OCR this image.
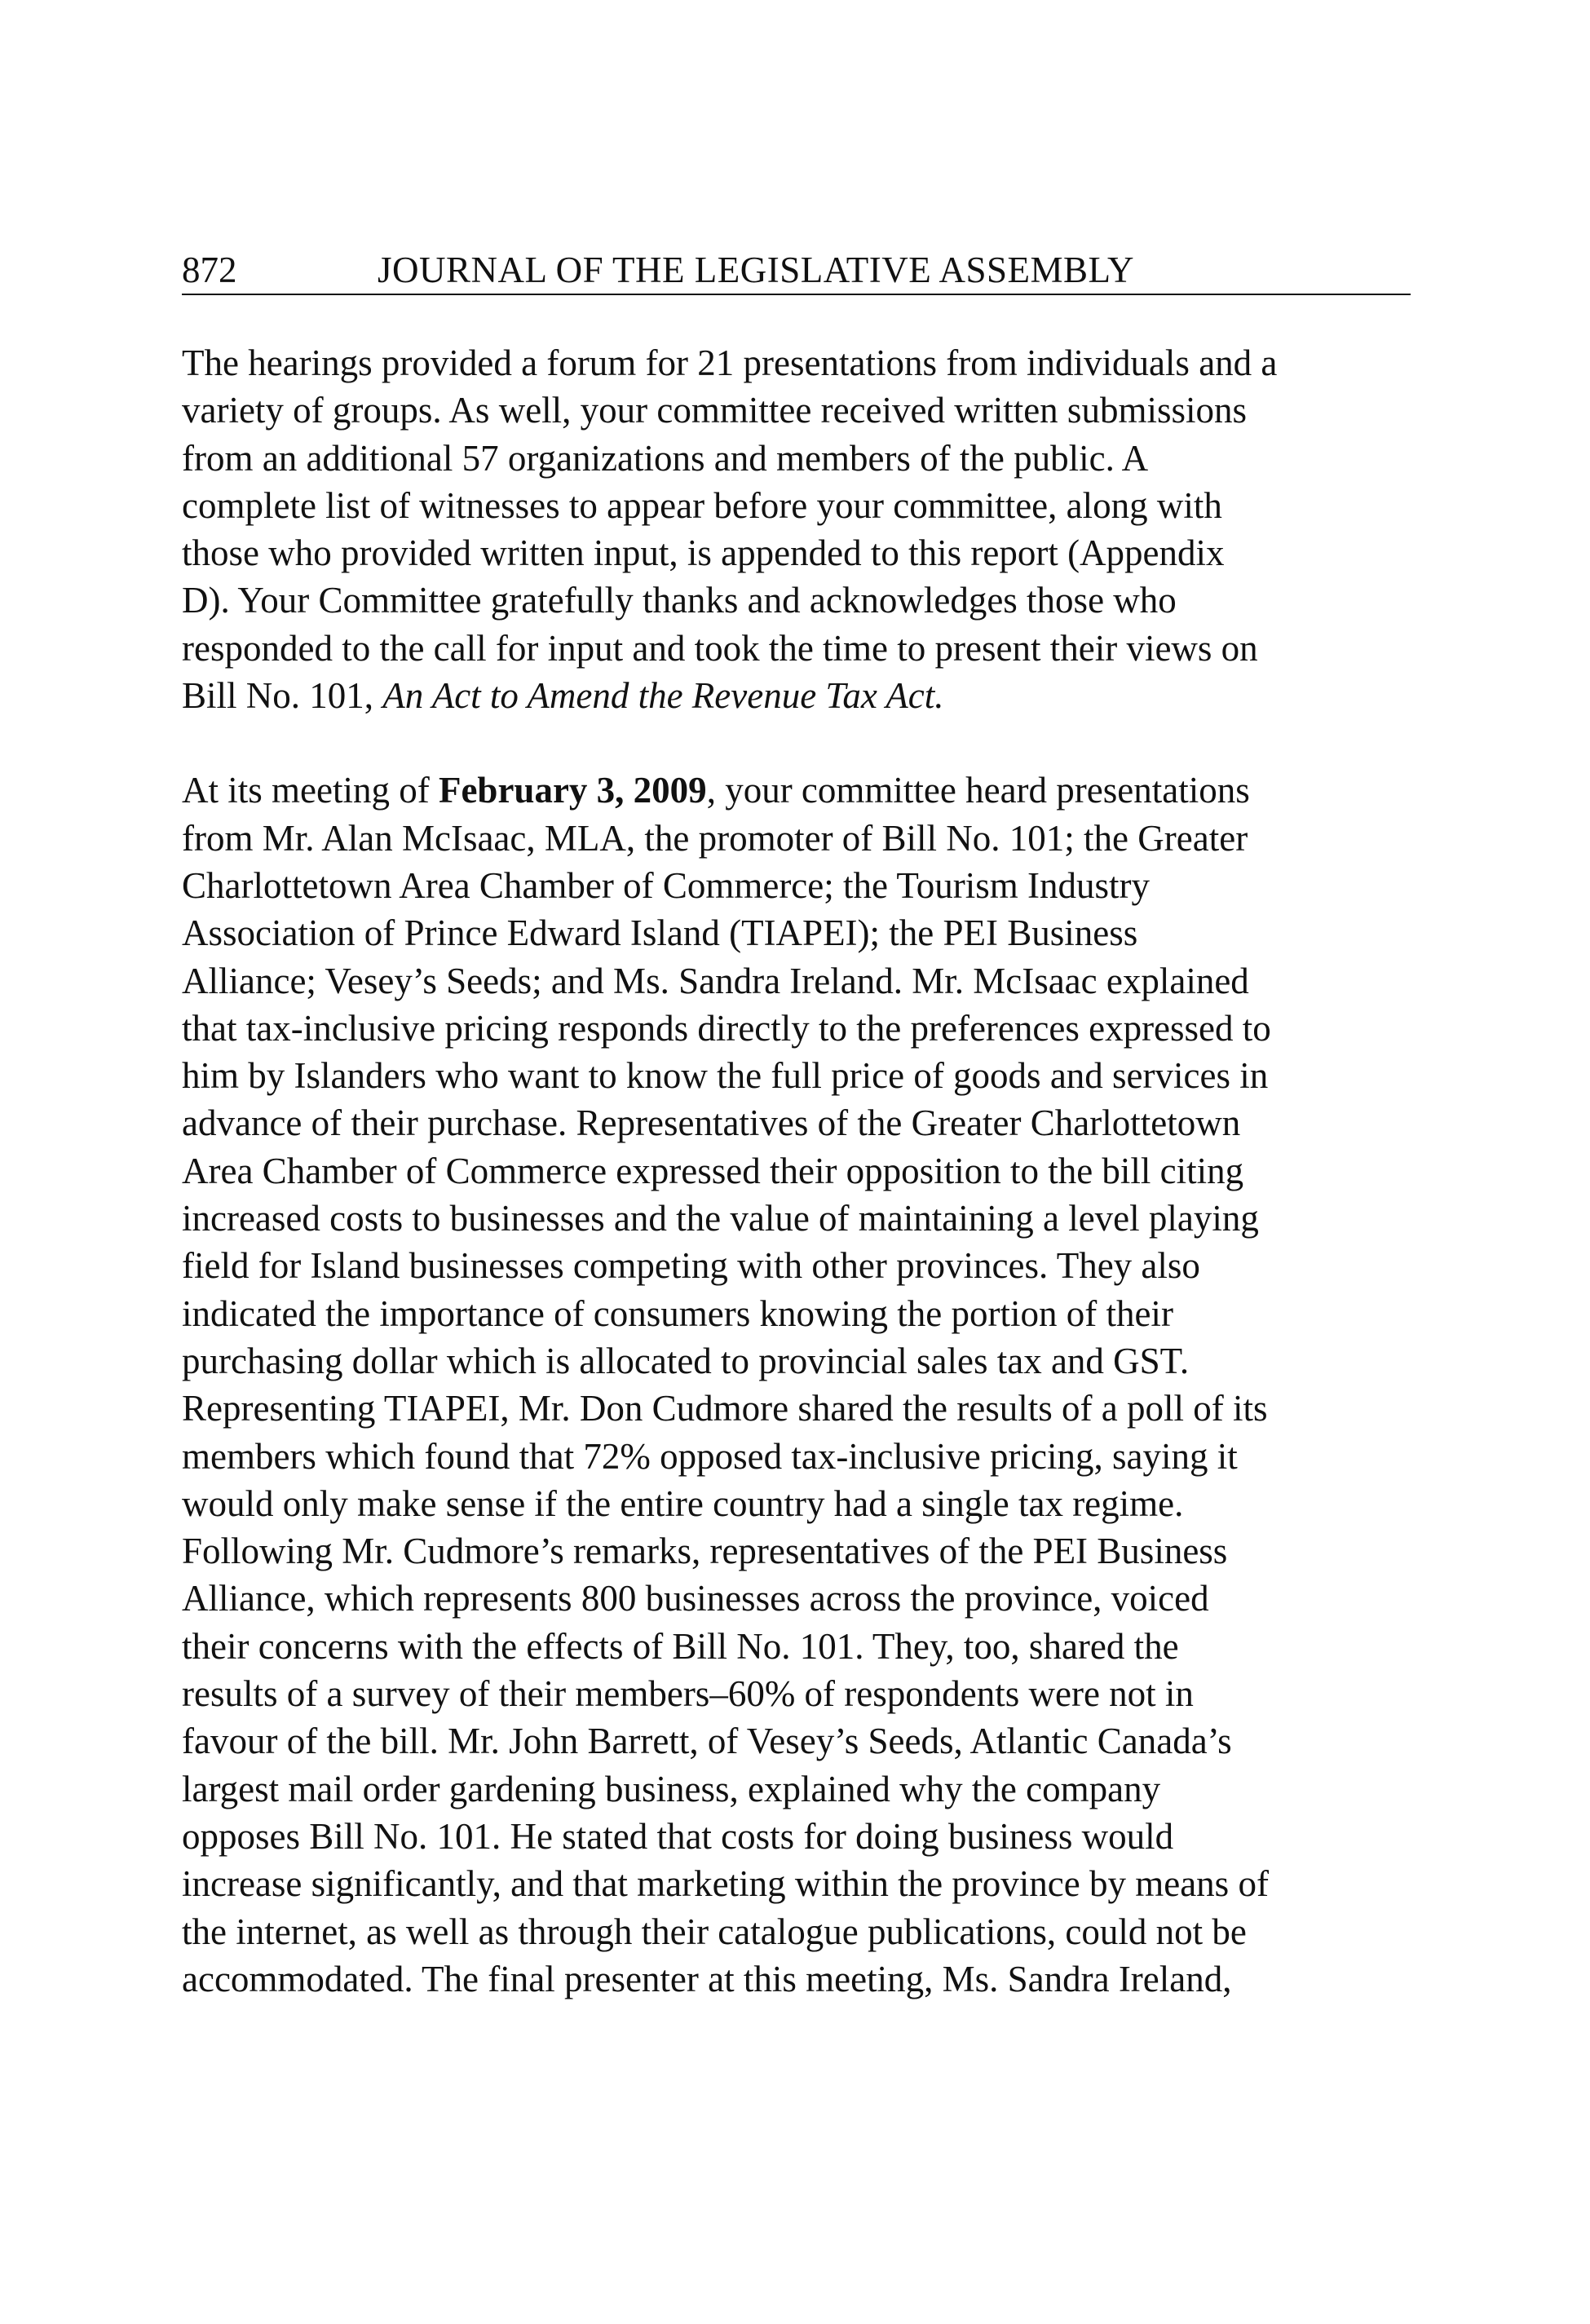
872	JOURNAL OF THE LEGISLATIVE ASSEMBLY

The hearings provided a forum for 21 presentations from individuals and a
variety of groups. As well, your committee received written submissions
from an additional 57 organizations and members of the public. A
complete list of witnesses to appear before your committee, along with
those who provided written input, is appended to this report (Appendix
D). Your Committee gratefully thanks and acknowledges those who
responded to the call for input and took the time to present their views on
Bill No. 101, An Act to Amend the Revenue Tax Act.

At its meeting of February 3, 2009, your committee heard presentations
from Mr. Alan McIsaac, MLA, the promoter of Bill No. 101; the Greater
Charlottetown Area Chamber of Commerce; the Tourism Industry
Association of Prince Edward Island (TIAPEI); the PEI Business
Alliance; Vesey’s Seeds; and Ms. Sandra Ireland. Mr. McIsaac explained
that tax-inclusive pricing responds directly to the preferences expressed to
him by Islanders who want to know the full price of goods and services in
advance of their purchase. Representatives of the Greater Charlottetown
Area Chamber of Commerce expressed their opposition to the bill citing
increased costs to businesses and the value of maintaining a level playing
field for Island businesses competing with other provinces. They also
indicated the importance of consumers knowing the portion of their
purchasing dollar which is allocated to provincial sales tax and GST.
Representing TIAPEI, Mr. Don Cudmore shared the results of a poll of its
members which found that 72% opposed tax-inclusive pricing, saying it
would only make sense if the entire country had a single tax regime.
Following Mr. Cudmore’s remarks, representatives of the PEI Business
Alliance, which represents 800 businesses across the province, voiced
their concerns with the effects of Bill No. 101. They, too, shared the
results of a survey of their members–60% of respondents were not in
favour of the bill. Mr. John Barrett, of Vesey’s Seeds, Atlantic Canada’s
largest mail order gardening business, explained why the company
opposes Bill No. 101. He stated that costs for doing business would
increase significantly, and that marketing within the province by means of
the internet, as well as through their catalogue publications, could not be
accommodated. The final presenter at this meeting, Ms. Sandra Ireland,
